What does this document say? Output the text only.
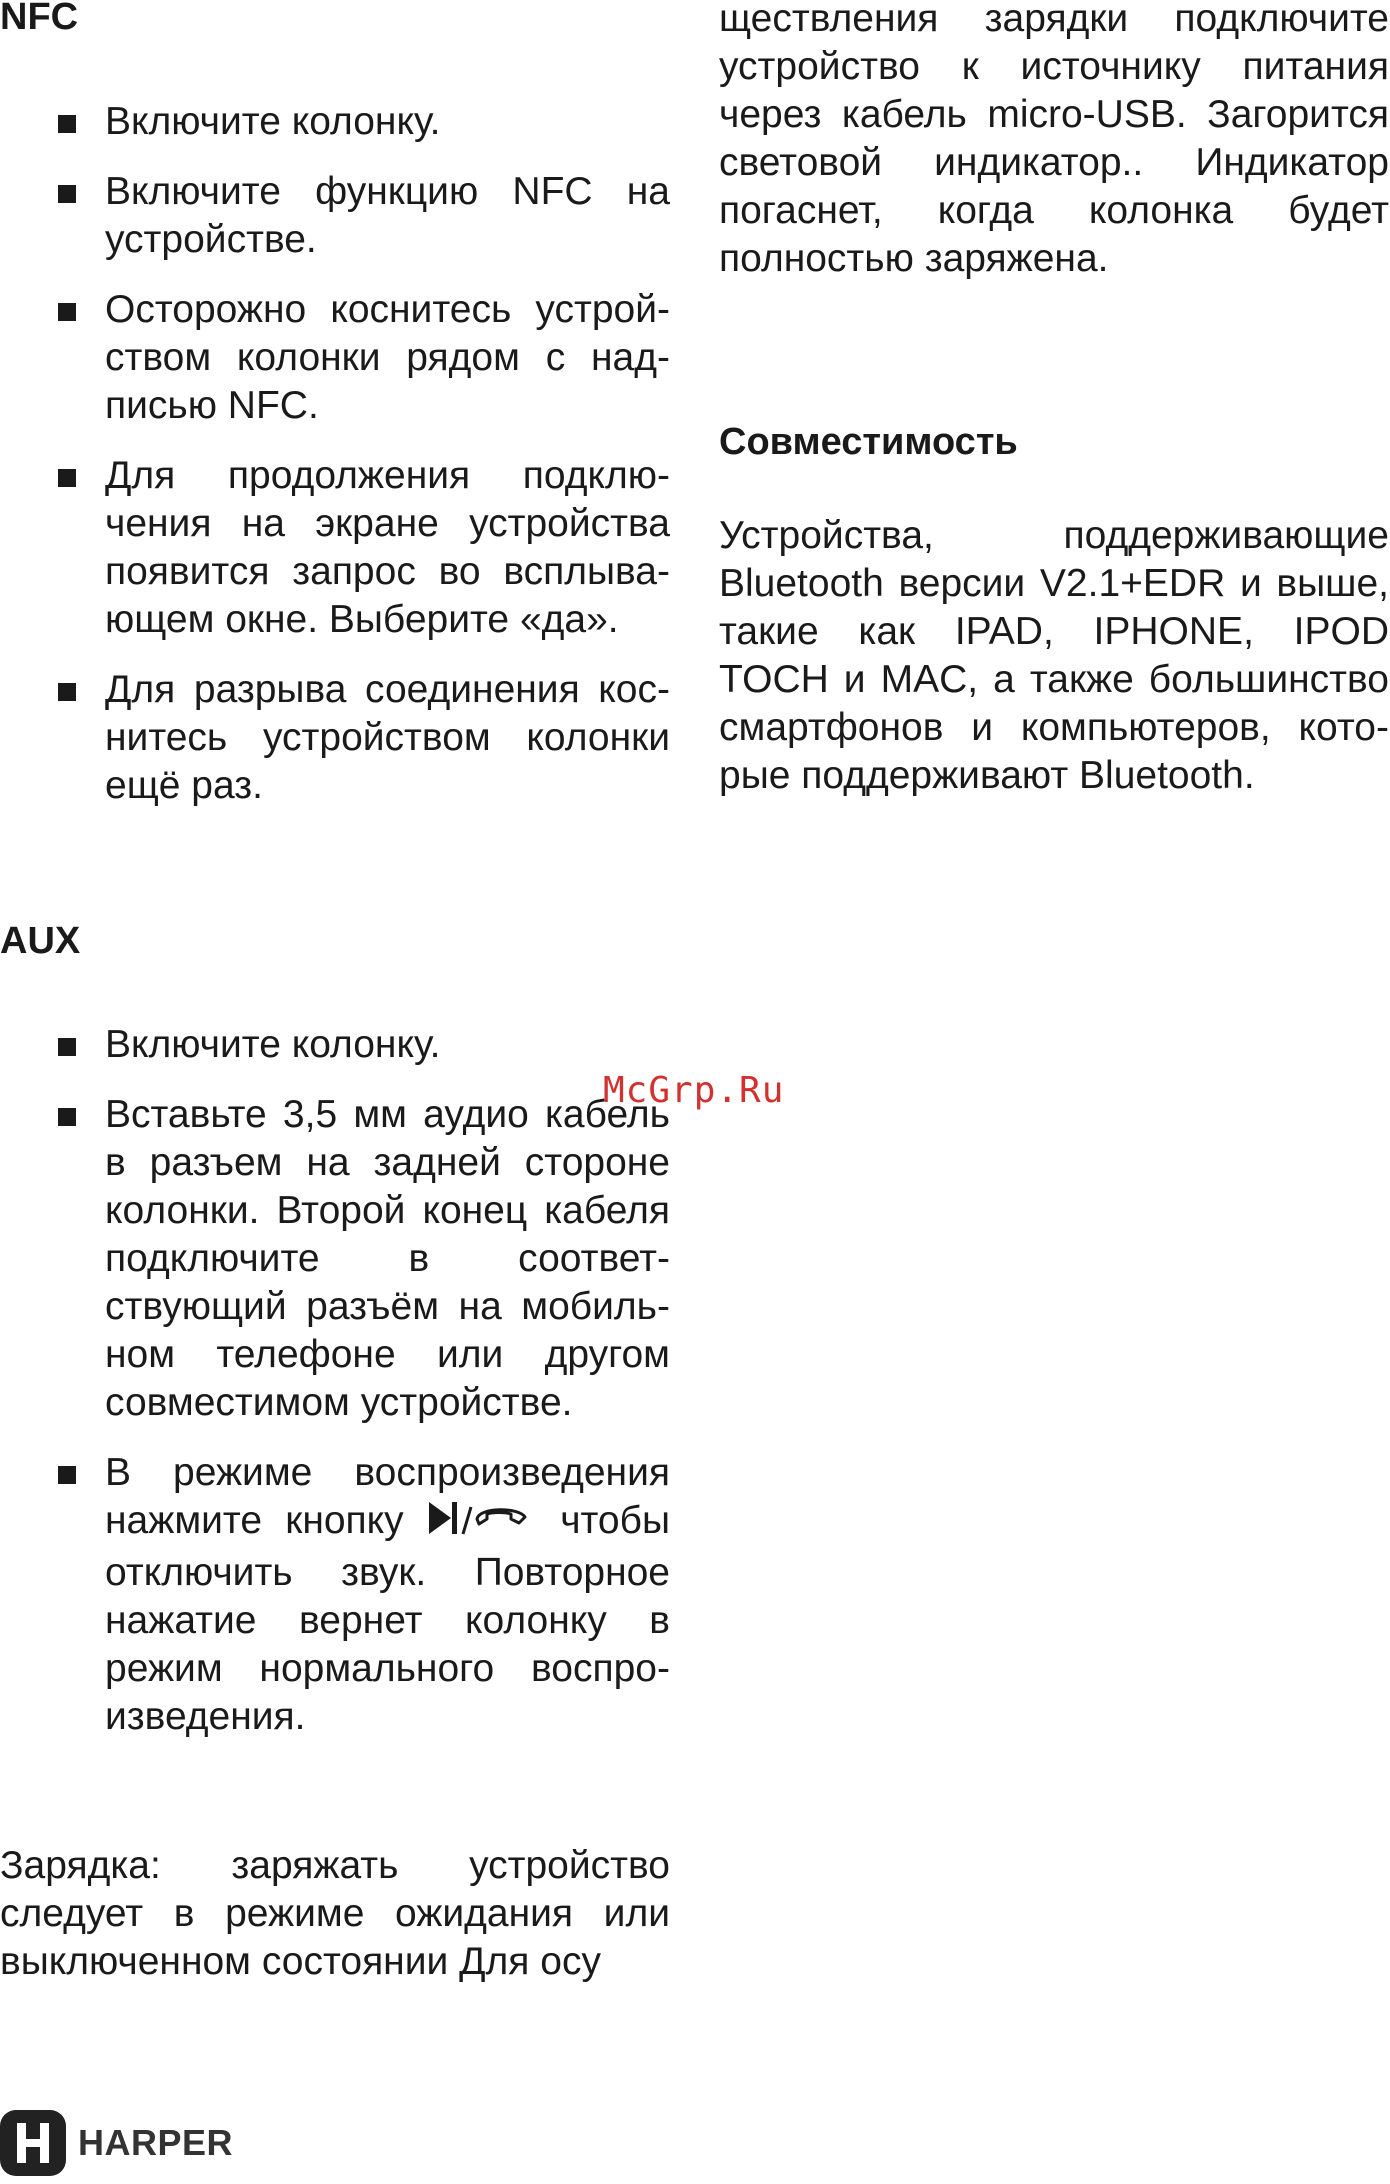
NFC
Включите колонку.
Включите функцию NFC на устройстве.
Осторожно коснитесь устройством колонки рядом с надписью NFC.
Для продолжения подключения на экране устройства появится запрос во всплывающем окне. Выберите «да».
Для разрыва соединения коснитесь устройством колонки ещё раз.
AUX
Включите колонку.
Вставьте 3,5 мм аудио кабель в разъем на задней стороне колонки. Второй конец кабеля подключите в соответствующий разъём на мобильном телефоне или другом совместимом устройстве.
В режиме воспроизведения нажмите кнопку	чтобы отключить звук. Повторное нажатие вернет колонку в режим нормального воспроизведения.

Зарядка: заряжать устройство следует в режиме ожидания или выключенном состоянии Для осу

ществления зарядки подключите устройство к источнику питания через кабель micro-USB. Загорится световой индикатор.. Индикатор погаснет, когда колонка будет полностью заряжена.

Совместимость

Устройства, поддерживающие Bluetooth версии V2.1+EDR и выше, такие как IPAD, IPHONE, IPOD TOCH и MAC, а также большинство смартфонов и компьютеров, которые поддерживают Bluetooth.

McGrp.Ru
HARPER
